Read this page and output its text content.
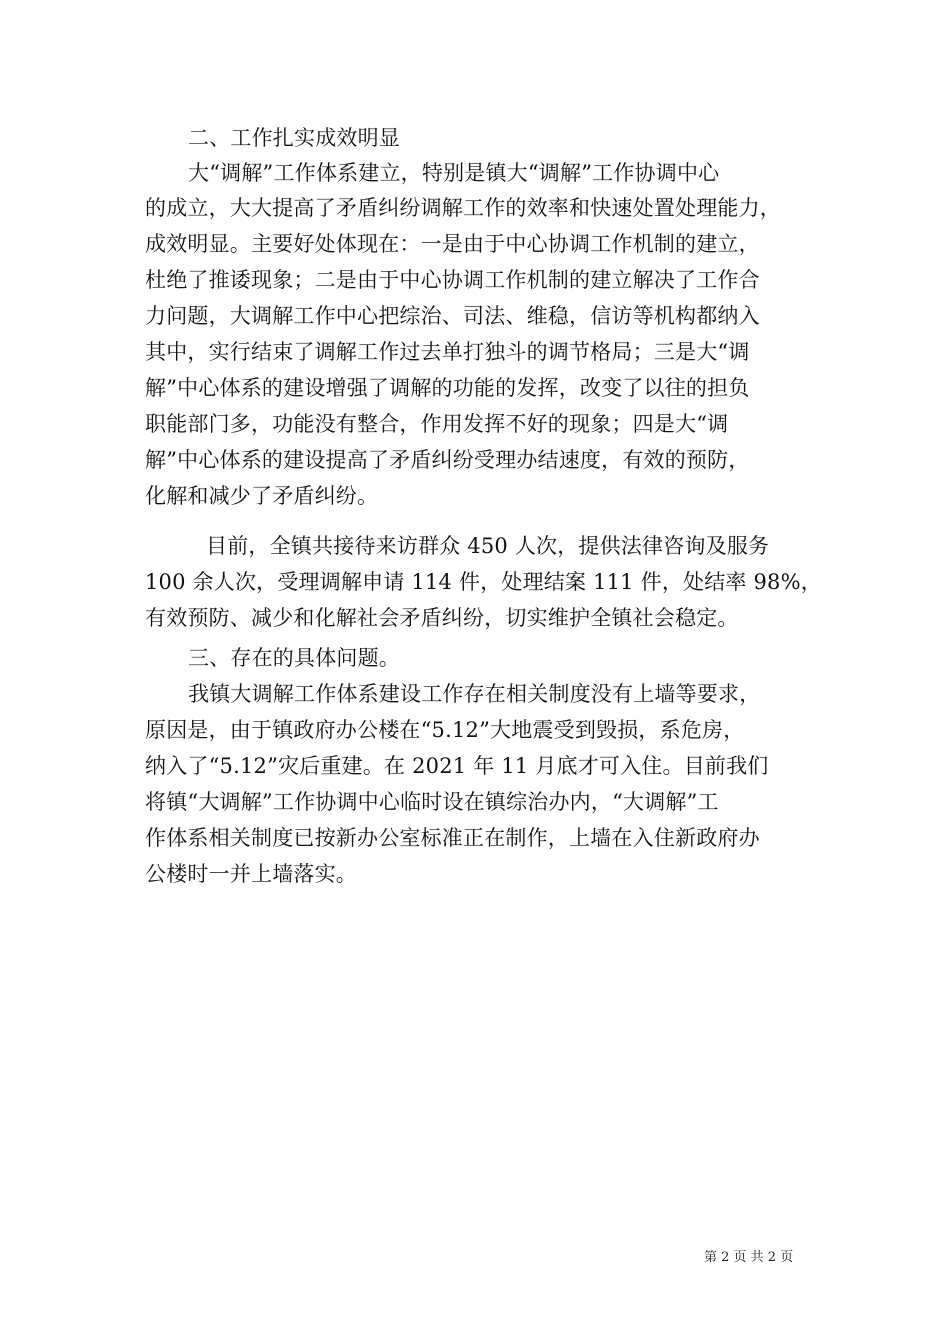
二、工作扎实成效明显
大“调解”工作体系建立，特别是镇大“调解”工作协调中心
的成立，大大提高了矛盾纠纷调解工作的效率和快速处置处理能力，
成效明显。主要好处体现在：一是由于中心协调工作机制的建立，
杜绝了推诿现象；二是由于中心协调工作机制的建立解决了工作合
力问题，大调解工作中心把综治、司法、维稳，信访等机构都纳入
其中，实行结束了调解工作过去单打独斗的调节格局；三是大“调
解”中心体系的建设增强了调解的功能的发挥，改变了以往的担负
职能部门多，功能没有整合，作用发挥不好的现象；四是大“调
解”中心体系的建设提高了矛盾纠纷受理办结速度，有效的预防，
化解和减少了矛盾纠纷。
目前，全镇共接待来访群众 450 人次，提供法律咨询及服务
100 余人次，受理调解申请 114 件，处理结案 111 件，处结率 98%，
有效预防、减少和化解社会矛盾纠纷，切实维护全镇社会稳定。
三、存在的具体问题。
我镇大调解工作体系建设工作存在相关制度没有上墙等要求，
原因是，由于镇政府办公楼在“5.12”大地震受到毁损，系危房，
纳入了“5.12”灾后重建。在 2021 年 11 月底才可入住。目前我们
将镇“大调解”工作协调中心临时设在镇综治办内，“大调解”工
作体系相关制度已按新办公室标准正在制作，上墙在入住新政府办
公楼时一并上墙落实。
第 2 页 共 2 页
